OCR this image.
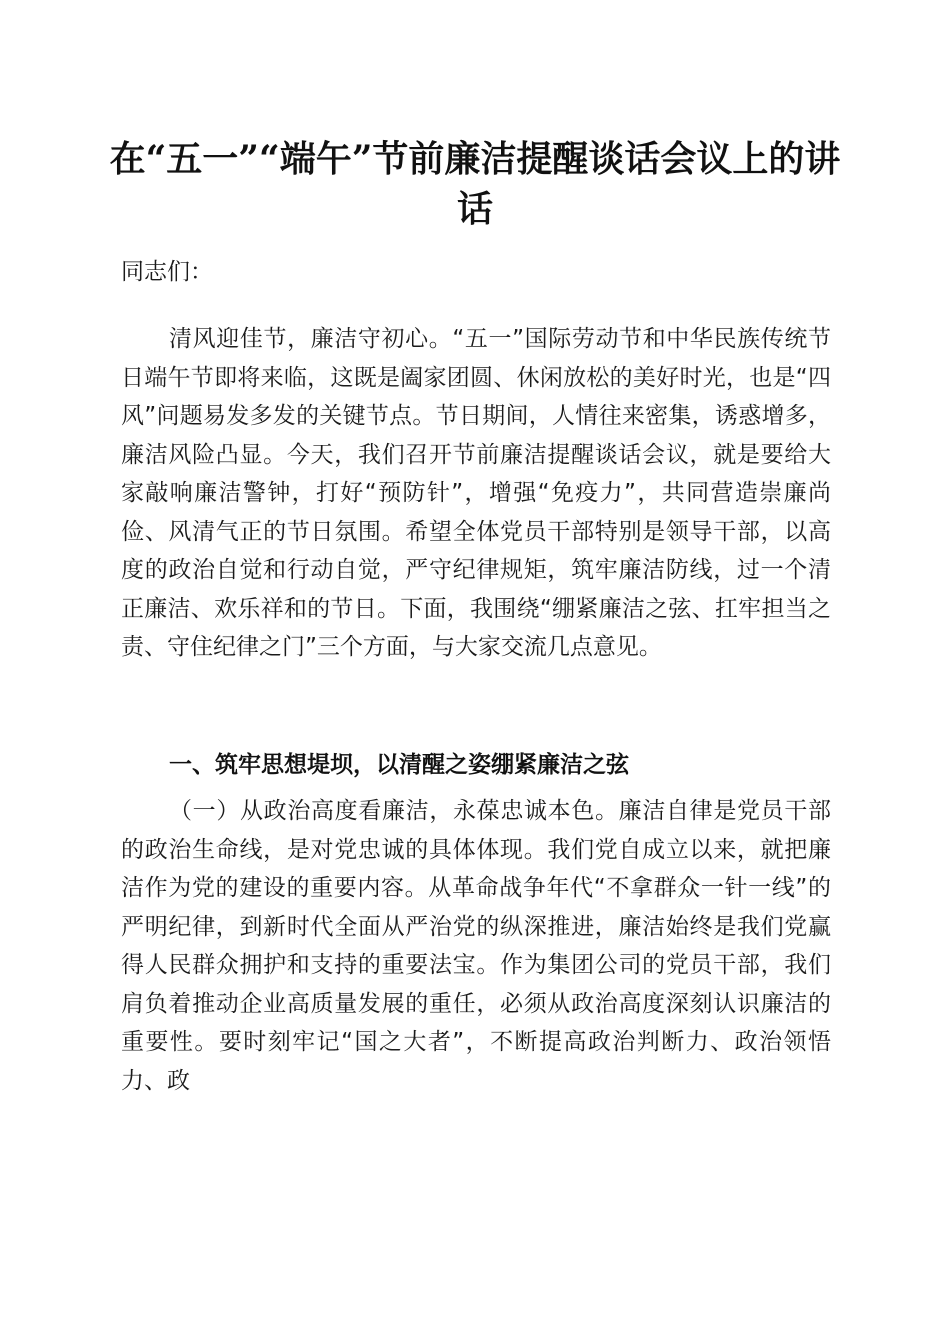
在“五一”“端午”节前廉洁提醒谈话会议上的讲话

同志们：

清风迎佳节，廉洁守初心。“五一”国际劳动节和中华民族传统节日端午节即将来临，这既是阖家团圆、休闲放松的美好时光，也是“四风”问题易发多发的关键节点。节日期间，人情往来密集，诱惑增多，廉洁风险凸显。今天，我们召开节前廉洁提醒谈话会议，就是要给大家敲响廉洁警钟，打好“预防针”，增强“免疫力”，共同营造崇廉尚俭、风清气正的节日氛围。希望全体党员干部特别是领导干部，以高度的政治自觉和行动自觉，严守纪律规矩，筑牢廉洁防线，过一个清正廉洁、欢乐祥和的节日。下面，我围绕“绷紧廉洁之弦、扛牢担当之责、守住纪律之门”三个方面，与大家交流几点意见。

一、筑牢思想堤坝，以清醒之姿绷紧廉洁之弦

（一）从政治高度看廉洁，永葆忠诚本色。廉洁自律是党员干部的政治生命线，是对党忠诚的具体体现。我们党自成立以来，就把廉洁作为党的建设的重要内容。从革命战争年代“不拿群众一针一线”的严明纪律，到新时代全面从严治党的纵深推进，廉洁始终是我们党赢得人民群众拥护和支持的重要法宝。作为集团公司的党员干部，我们肩负着推动企业高质量发展的重任，必须从政治高度深刻认识廉洁的重要性。要时刻牢记“国之大者”，不断提高政治判断力、政治领悟力、政
